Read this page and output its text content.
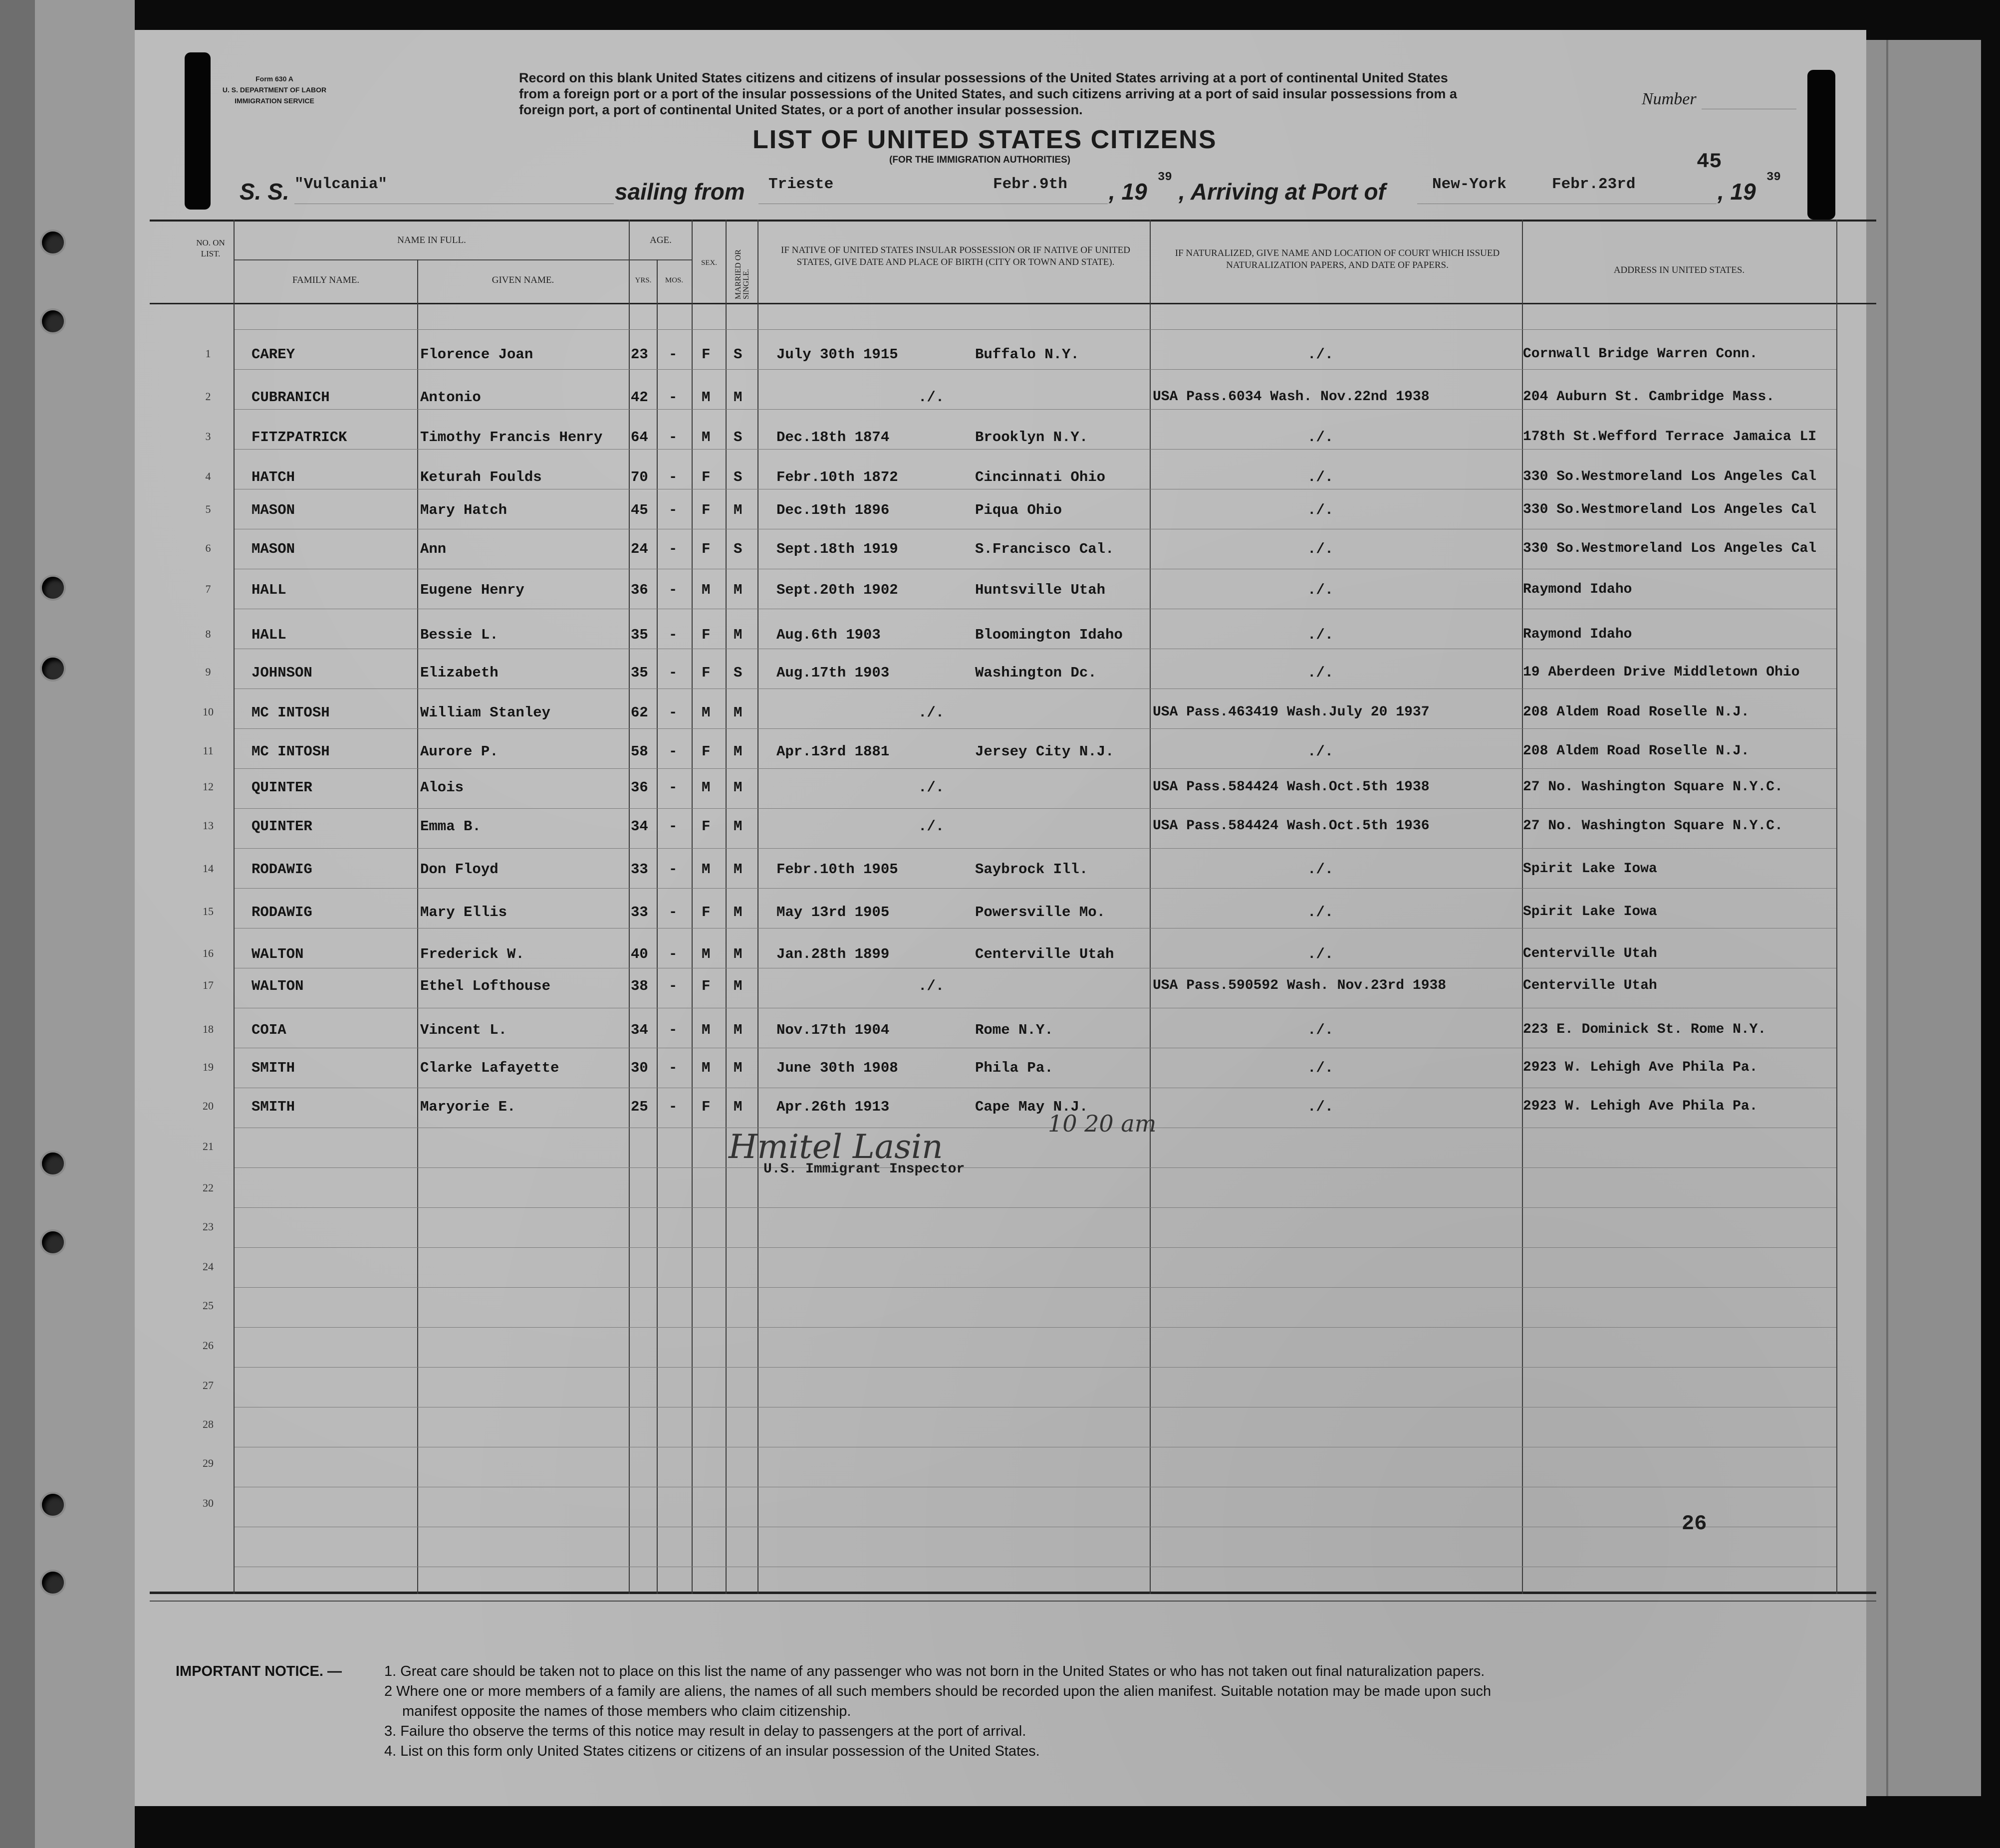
Form 630 A
U. S. DEPARTMENT OF LABOR
IMMIGRATION SERVICE
Record on this blank United States citizens and citizens of insular possessions of the United States arriving at a port of continental United States
from a foreign port or a port of the insular possessions of the United States, and such citizens arriving at a port of said insular possessions from a
foreign port, a port of continental United States, or a port of another insular possession.
Number
LIST OF UNITED STATES CITIZENS
(FOR THE IMMIGRATION AUTHORITIES)	45
S. S. "Vulcania"	sailing from Trieste	Febr.9th , 19
39
, Arriving at Port of	New-York	Febr.23rd	, 19
39
NO. ON LIST.
NAME IN FULL.
FAMILY NAME.	GIVEN NAME.
AGE.
YRS.	MOS.
SEX.	MARRIED OR SINGLE.
IF NATIVE OF UNITED STATES INSULAR POSSESSION OR IF NATIVE OF UNITED STATES, GIVE DATE AND PLACE OF BIRTH (CITY OR TOWN AND STATE).
IF NATURALIZED, GIVE NAME AND LOCATION OF COURT WHICH ISSUED NATURALIZATION PAPERS, AND DATE OF PAPERS.	ADDRESS IN UNITED STATES.
1	CAREY	Florence Joan	23 - F S July 30th 1915	Buffalo N.Y.	./.	Cornwall Bridge Warren Conn.
2	CUBRANICH	Antonio	42 - M M	./.	USA Pass.6034 Wash. Nov.22nd 1938	204 Auburn St. Cambridge Mass.
3	FITZPATRICK	Timothy Francis Henry 64 - M S Dec.18th 1874	Brooklyn N.Y.	./.	178th St.Wefford Terrace Jamaica LI
4	HATCH	Keturah Foulds	70 - F S Febr.10th 1872	Cincinnati Ohio	./.	330 So.Westmoreland Los Angeles Cal
5	MASON	Mary Hatch	45 - F M Dec.19th 1896	Piqua Ohio	./.	330 So.Westmoreland Los Angeles Cal
6	MASON	Ann	24 - F S Sept.18th 1919	S.Francisco Cal.	./.	330 So.Westmoreland Los Angeles Cal
7	HALL	Eugene Henry	36 - M M Sept.20th 1902	Huntsville Utah	./.	Raymond Idaho
8	HALL	Bessie L.	35 - F M Aug.6th 1903	Bloomington Idaho	./.	Raymond Idaho
9	JOHNSON	Elizabeth	35 - F S Aug.17th 1903	Washington Dc.	./.	19 Aberdeen Drive Middletown Ohio
10	MC INTOSH	William Stanley	62 - M M	./.	USA Pass.463419 Wash.July 20 1937	208 Aldem Road Roselle N.J.
11	MC INTOSH	Aurore P.	58 - F M Apr.13rd 1881	Jersey City N.J.	./.	208 Aldem Road Roselle N.J.
12	QUINTER	Alois	36 - M M	./.	USA Pass.584424 Wash.Oct.5th 1938	27 No. Washington Square N.Y.C.
13	QUINTER	Emma B.	34 - F M	./.	USA Pass.584424 Wash.Oct.5th 1936	27 No. Washington Square N.Y.C.
14	RODAWIG	Don Floyd	33 - M M Febr.10th 1905	Saybrock Ill.	./.	Spirit Lake Iowa
15	RODAWIG	Mary Ellis	33 - F M May 13rd 1905	Powersville Mo.	./.	Spirit Lake Iowa
16	WALTON	Frederick W.	40 - M M Jan.28th 1899	Centerville Utah	./.	Centerville Utah
17	WALTON	Ethel Lofthouse	38 - F M	./.	USA Pass.590592 Wash. Nov.23rd 1938	Centerville Utah
18	COIA	Vincent L.	34 - M M Nov.17th 1904	Rome N.Y.	./.	223 E. Dominick St. Rome N.Y.
19	SMITH	Clarke Lafayette	30 - M M June 30th 1908	Phila Pa.	./.	2923 W. Lehigh Ave Phila Pa.
20	SMITH	Maryorie E.	25 - F M Apr.26th 1913	Cape May N.J.	./.	2923 W. Lehigh Ave Phila Pa.
21
22
23
24
25
26
27
28
29
30
Hmitel Lasin
10 20 am
U.S. Immigrant Inspector
26
IMPORTANT NOTICE. —	1. Great care should be taken not to place on this list the name of any passenger who was not born in the United States or who has not taken out final naturalization papers.
2 Where one or more members of a family are aliens, the names of all such members should be recorded upon the alien manifest. Suitable notation may be made upon such
manifest opposite the names of those members who claim citizenship.
3. Failure tho observe the terms of this notice may result in delay to passengers at the port of arrival.
4. List on this form only United States citizens or citizens of an insular possession of the United States.
